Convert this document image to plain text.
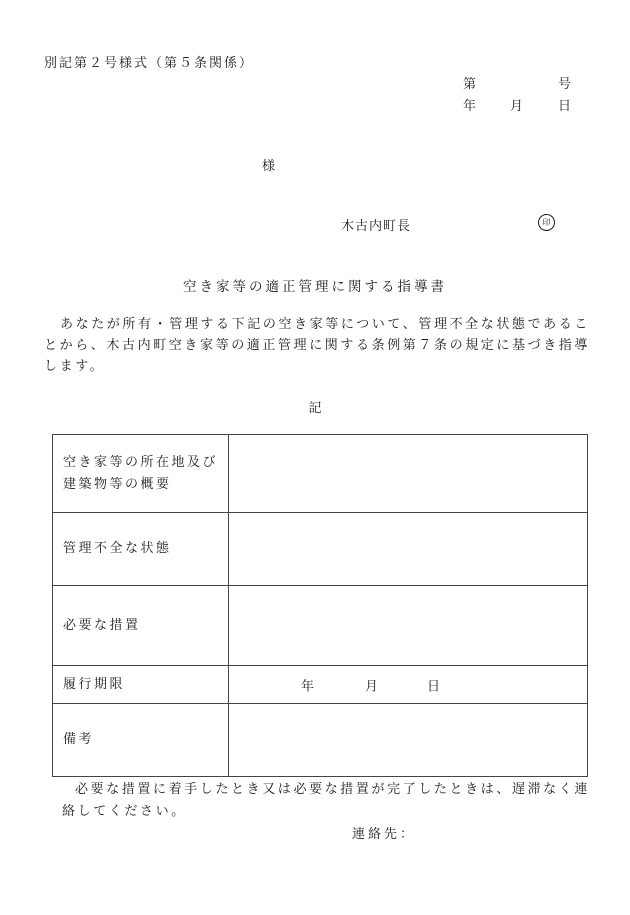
別記第２号様式（第５条関係）
第	号
年	月	日
様
木古内町長	印
空き家等の適正管理に関する指導書
あなたが所有・管理する下記の空き家等について、管理不全な状態であることから、木古内町空き家等の適正管理に関する条例第７条の規定に基づき指導します。
記
空き家等の所在地及び
建築物等の概要	

管理不全な状態	
必要な措置	
履行期限	年 月 日

備考	
必要な措置に着手したとき又は必要な措置が完了したときは、遅滞なく連絡してください。
連絡先：
